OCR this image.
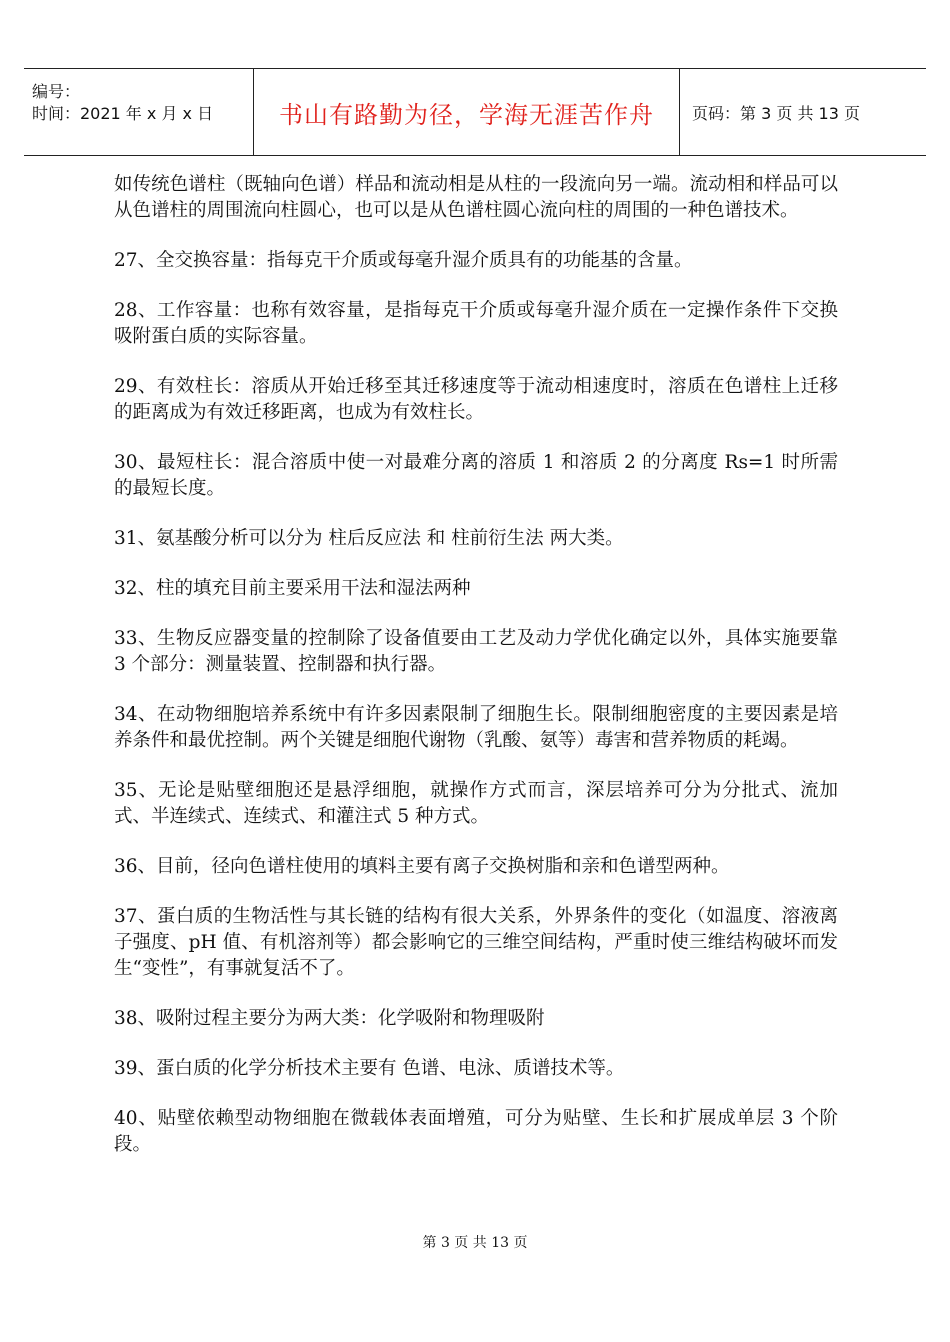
编号：
时间：2021 年 x 月 x 日	书山有路勤为径，学海无涯苦作舟	页码：第 3 页 共 13 页

如传统色谱柱（既轴向色谱）样品和流动相是从柱的一段流向另一端。流动相和样品可以从色谱柱的周围流向柱圆心，也可以是从色谱柱圆心流向柱的周围的一种色谱技术。

27、全交换容量：指每克干介质或每毫升湿介质具有的功能基的含量。

28、工作容量：也称有效容量，是指每克干介质或每毫升湿介质在一定操作条件下交换吸附蛋白质的实际容量。

29、有效柱长：溶质从开始迁移至其迁移速度等于流动相速度时，溶质在色谱柱上迁移的距离成为有效迁移距离，也成为有效柱长。

30、最短柱长：混合溶质中使一对最难分离的溶质 1 和溶质 2 的分离度 Rs=1 时所需的最短长度。

31、氨基酸分析可以分为 柱后反应法 和 柱前衍生法 两大类。

32、柱的填充目前主要采用干法和湿法两种

33、生物反应器变量的控制除了设备值要由工艺及动力学优化确定以外，具体实施要靠 3 个部分：测量装置、控制器和执行器。

34、在动物细胞培养系统中有许多因素限制了细胞生长。限制细胞密度的主要因素是培养条件和最优控制。两个关键是细胞代谢物（乳酸、氨等）毒害和营养物质的耗竭。

35、无论是贴壁细胞还是悬浮细胞，就操作方式而言，深层培养可分为分批式、流加式、半连续式、连续式、和灌注式 5 种方式。

36、目前，径向色谱柱使用的填料主要有离子交换树脂和亲和色谱型两种。

37、蛋白质的生物活性与其长链的结构有很大关系，外界条件的变化（如温度、溶液离子强度、pH 值、有机溶剂等）都会影响它的三维空间结构，严重时使三维结构破坏而发生“变性”，有事就复活不了。

38、吸附过程主要分为两大类：化学吸附和物理吸附

39、蛋白质的化学分析技术主要有 色谱、电泳、质谱技术等。

40、贴壁依赖型动物细胞在微载体表面增殖，可分为贴壁、生长和扩展成单层 3 个阶段。

第 3 页 共 13 页
